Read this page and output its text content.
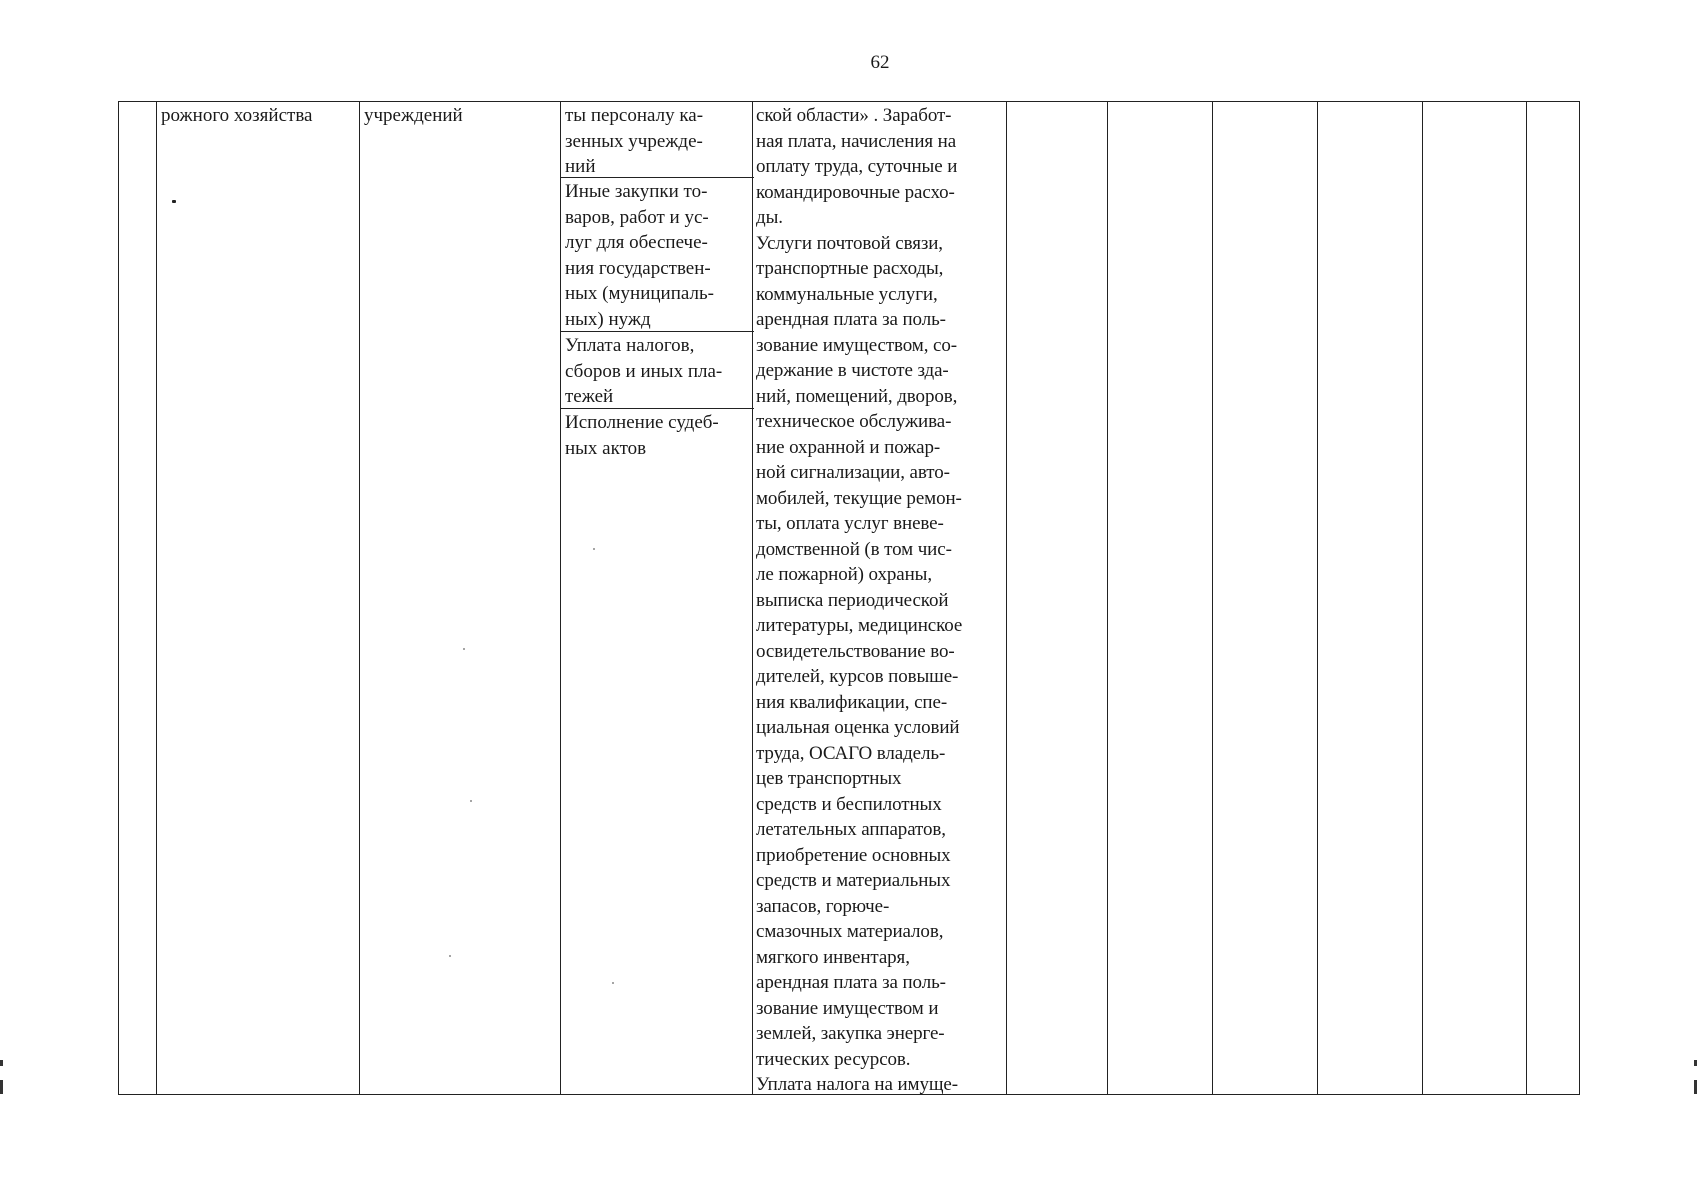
62
рожного хозяйства	учреждений	ты персоналу ка-
зенных учрежде-
ний
Иные закупки то-
варов, работ и ус-
луг для обеспече-
ния государствен-
ных (муниципаль-
ных) нужд
Уплата налогов,
сборов и иных пла-
тежей
Исполнение судеб-
ных актов
ской области» . Заработ-
ная плата, начисления на
оплату труда, суточные и
командировочные расхо-
ды.
Услуги почтовой связи,
транспортные расходы,
коммунальные услуги,
арендная плата за поль-
зование имуществом, со-
держание в чистоте зда-
ний, помещений, дворов,
техническое обслужива-
ние охранной и пожар-
ной сигнализации, авто-
мобилей, текущие ремон-
ты, оплата услуг вневе-
домственной (в том чис-
ле пожарной) охраны,
выписка периодической
литературы, медицинское
освидетельствование во-
дителей, курсов повыше-
ния квалификации, спе-
циальная оценка условий
труда, ОСАГО владель-
цев транспортных
средств и беспилотных
летательных аппаратов,
приобретение основных
средств и материальных
запасов, горюче-
смазочных материалов,
мягкого инвентаря,
арендная плата за поль-
зование имуществом и
землей, закупка энерге-
тических ресурсов.
Уплата налога на имуще-
